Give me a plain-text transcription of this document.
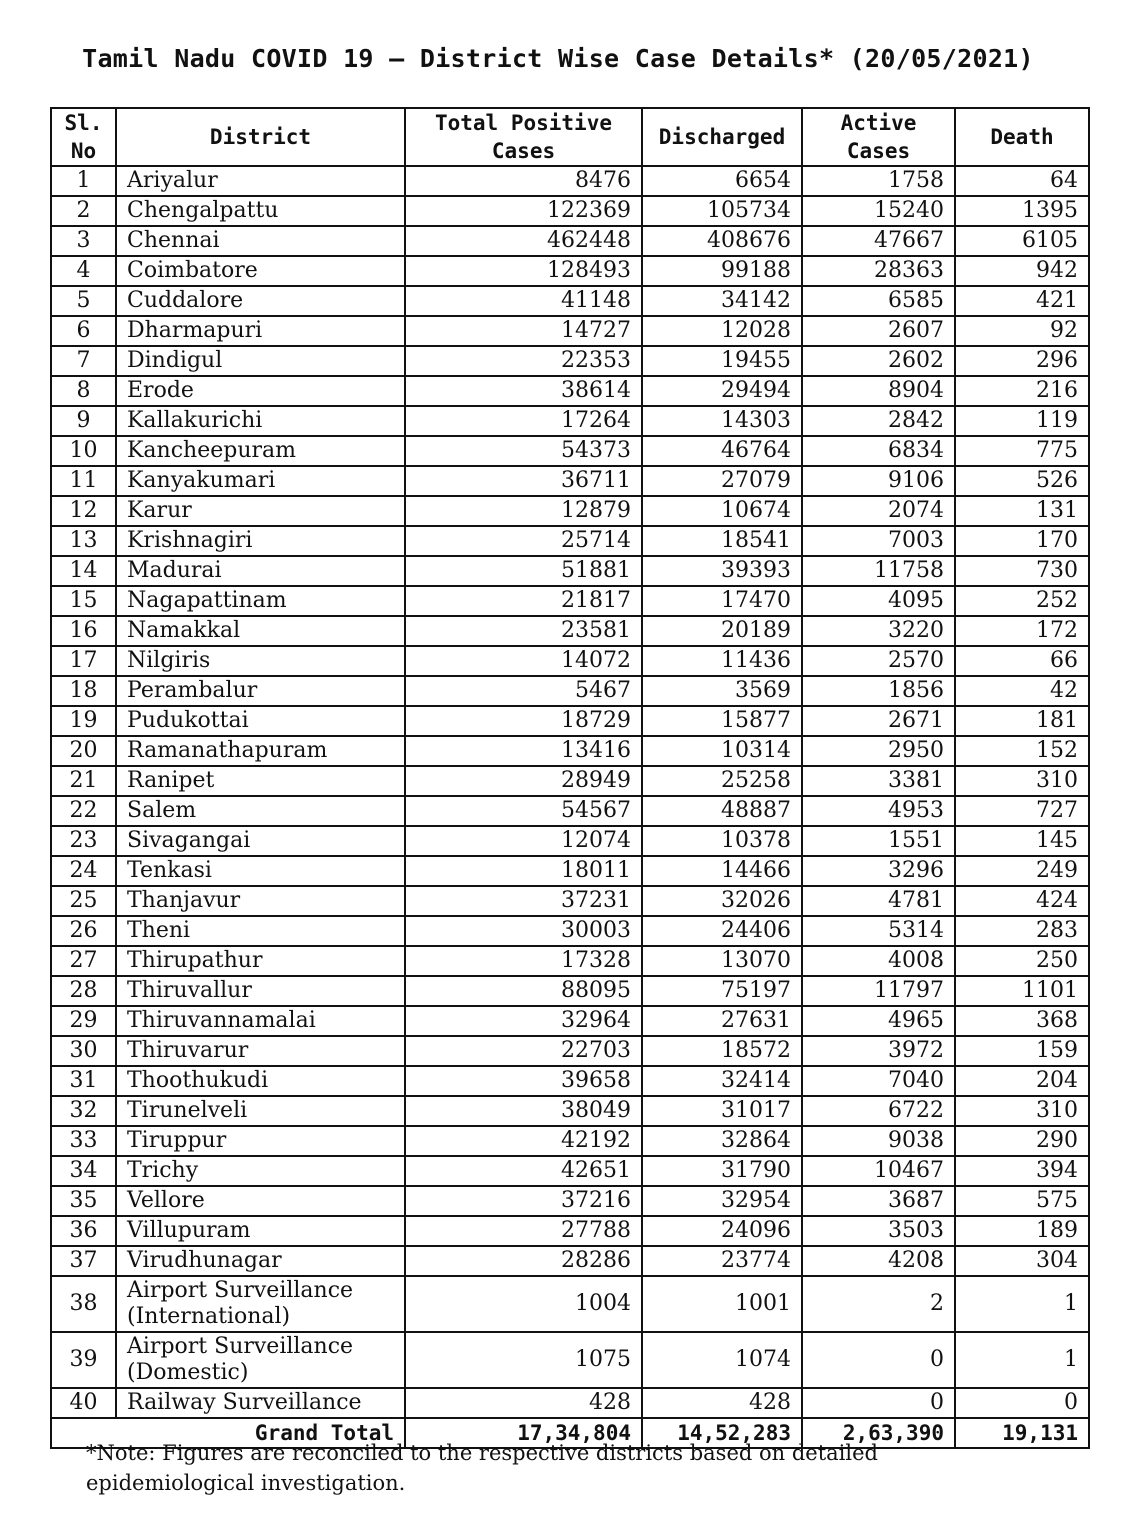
Tamil Nadu COVID 19 – District Wise Case Details* (20/05/2021)
Sl. No	District	Total Positive Cases	Discharged	Active Cases	Death
1	Ariyalur	8476	6654	1758	64
2	Chengalpattu	122369	105734	15240	1395
3	Chennai	462448	408676	47667	6105
4	Coimbatore	128493	99188	28363	942
5	Cuddalore	41148	34142	6585	421
6	Dharmapuri	14727	12028	2607	92
7	Dindigul	22353	19455	2602	296
8	Erode	38614	29494	8904	216
9	Kallakurichi	17264	14303	2842	119
10	Kancheepuram	54373	46764	6834	775
11	Kanyakumari	36711	27079	9106	526
12	Karur	12879	10674	2074	131
13	Krishnagiri	25714	18541	7003	170
14	Madurai	51881	39393	11758	730
15	Nagapattinam	21817	17470	4095	252
16	Namakkal	23581	20189	3220	172
17	Nilgiris	14072	11436	2570	66
18	Perambalur	5467	3569	1856	42
19	Pudukottai	18729	15877	2671	181
20	Ramanathapuram	13416	10314	2950	152
21	Ranipet	28949	25258	3381	310
22	Salem	54567	48887	4953	727
23	Sivagangai	12074	10378	1551	145
24	Tenkasi	18011	14466	3296	249
25	Thanjavur	37231	32026	4781	424
26	Theni	30003	24406	5314	283
27	Thirupathur	17328	13070	4008	250
28	Thiruvallur	88095	75197	11797	1101
29	Thiruvannamalai	32964	27631	4965	368
30	Thiruvarur	22703	18572	3972	159
31	Thoothukudi	39658	32414	7040	204
32	Tirunelveli	38049	31017	6722	310
33	Tiruppur	42192	32864	9038	290
34	Trichy	42651	31790	10467	394
35	Vellore	37216	32954	3687	575
36	Villupuram	27788	24096	3503	189
37	Virudhunagar	28286	23774	4208	304
38	Airport Surveillance (International)	1004	1001	2	1
39	Airport Surveillance (Domestic)	1075	1074	0	1
40	Railway Surveillance	428	428	0	0
Grand Total		17,34,804	14,52,283	2,63,390	19,131
*Note: Figures are reconciled to the respective districts based on detailed epidemiological investigation.
